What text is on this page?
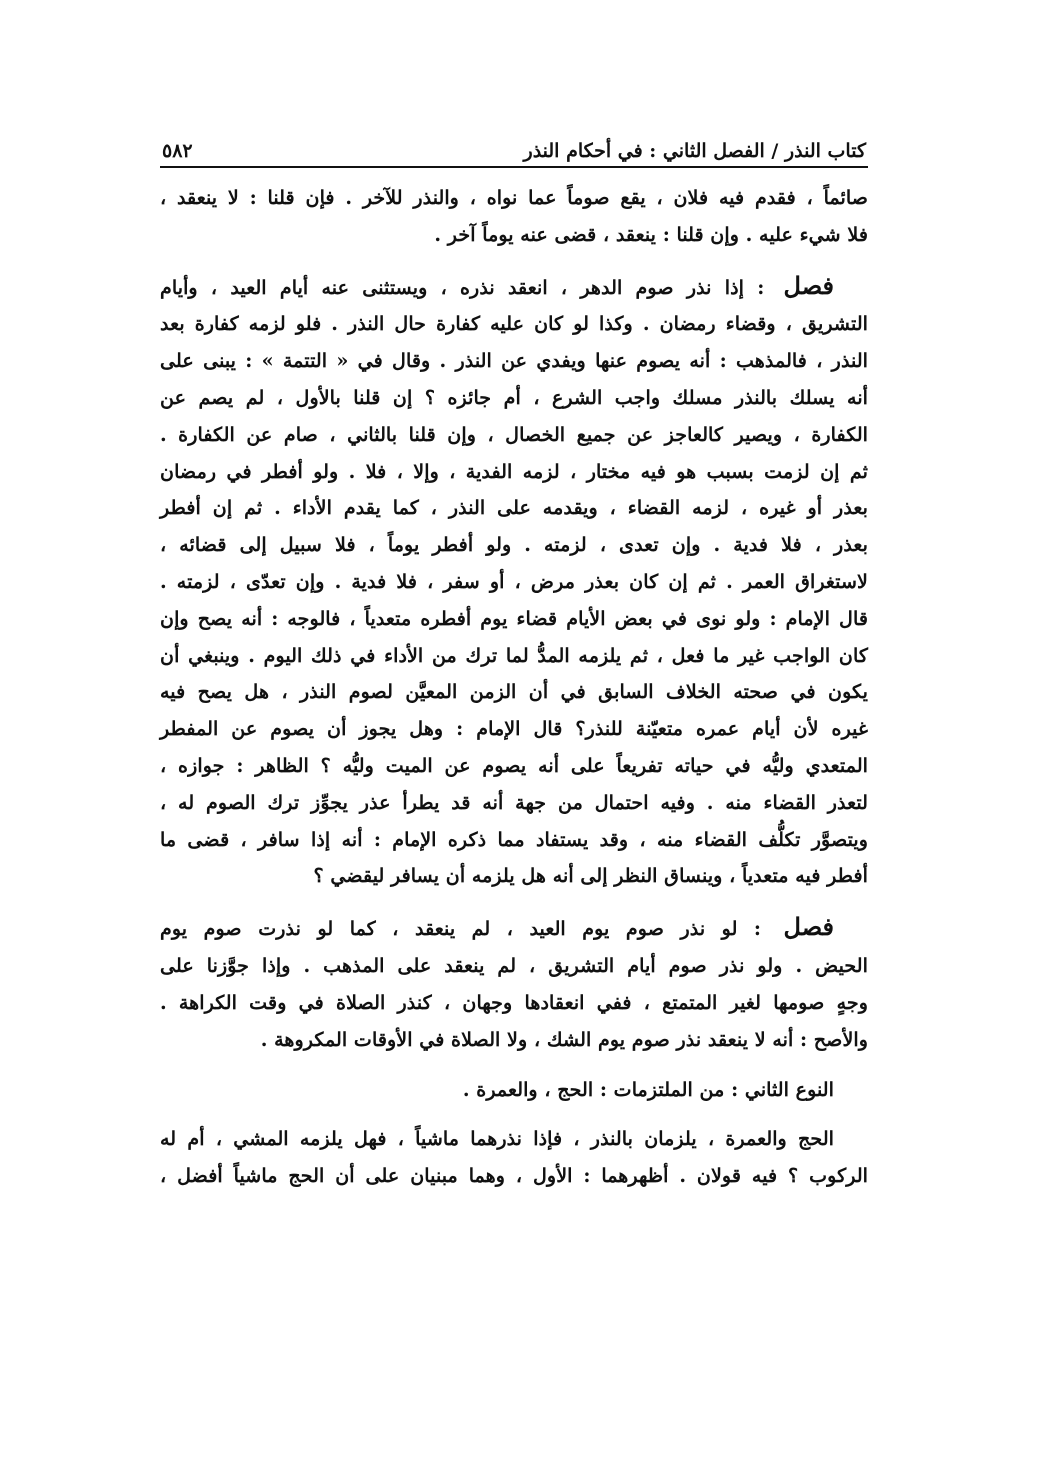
كتاب النذر / الفصل الثاني : في أحكام النذر
٥٨٢

صائماً ، فقدم فيه فلان ، يقع صوماً عما نواه ، والنذر للآخر . فإن قلنا : لا ينعقد ،
فلا شيء عليه . وإن قلنا : ينعقد ، قضى عنه يوماً آخر .

فصل : إذا نذر صوم الدهر ، انعقد نذره ، ويستثنى عنه أيام العيد ، وأيام
التشريق ، وقضاء رمضان . وكذا لو كان عليه كفارة حال النذر . فلو لزمه كفارة بعد
النذر ، فالمذهب : أنه يصوم عنها ويفدي عن النذر . وقال في « التتمة » : يبنى على
أنه يسلك بالنذر مسلك واجب الشرع ، أم جائزه ؟ إن قلنا بالأول ، لم يصم عن
الكفارة ، ويصير كالعاجز عن جميع الخصال ، وإن قلنا بالثاني ، صام عن الكفارة .
ثم إن لزمت بسبب هو فيه مختار ، لزمه الفدية ، وإلا ، فلا . ولو أفطر في رمضان
بعذر أو غيره ، لزمه القضاء ، ويقدمه على النذر ، كما يقدم الأداء . ثم إن أفطر
بعذر ، فلا فدية . وإن تعدى ، لزمته . ولو أفطر يوماً ، فلا سبيل إلى قضائه ،
لاستغراق العمر . ثم إن كان بعذر مرض ، أو سفر ، فلا فدية . وإن تعدّى ، لزمته .
قال الإمام : ولو نوى في بعض الأيام قضاء يوم أفطره متعدياً ، فالوجه : أنه يصح وإن
كان الواجب غير ما فعل ، ثم يلزمه المدُّ لما ترك من الأداء في ذلك اليوم . وينبغي أن
يكون في صحته الخلاف السابق في أن الزمن المعيَّن لصوم النذر ، هل يصح فيه
غيره لأن أيام عمره متعيّنة للنذر؟ قال الإمام : وهل يجوز أن يصوم عن المفطر
المتعدي وليُّه في حياته تفريعاً على أنه يصوم عن الميت وليُّه ؟ الظاهر : جوازه ،
لتعذر القضاء منه . وفيه احتمال من جهة أنه قد يطرأ عذر يجوِّز ترك الصوم له ،
ويتصوَّر تكلُّف القضاء منه ، وقد يستفاد مما ذكره الإمام : أنه إذا سافر ، قضى ما
أفطر فيه متعدياً ، وينساق النظر إلى أنه هل يلزمه أن يسافر ليقضي ؟

فصل : لو نذر صوم يوم العيد ، لم ينعقد ، كما لو نذرت صوم يوم
الحيض . ولو نذر صوم أيام التشريق ، لم ينعقد على المذهب . وإذا جوَّزنا على
وجهٍ صومها لغير المتمتع ، ففي انعقادها وجهان ، كنذر الصلاة في وقت الكراهة .
والأصح : أنه لا ينعقد نذر صوم يوم الشك ، ولا الصلاة في الأوقات المكروهة .

النوع الثاني : من الملتزمات : الحج ، والعمرة .

الحج والعمرة ، يلزمان بالنذر ، فإذا نذرهما ماشياً ، فهل يلزمه المشي ، أم له
الركوب ؟ فيه قولان . أظهرهما : الأول ، وهما مبنيان على أن الحج ماشياً أفضل ،
